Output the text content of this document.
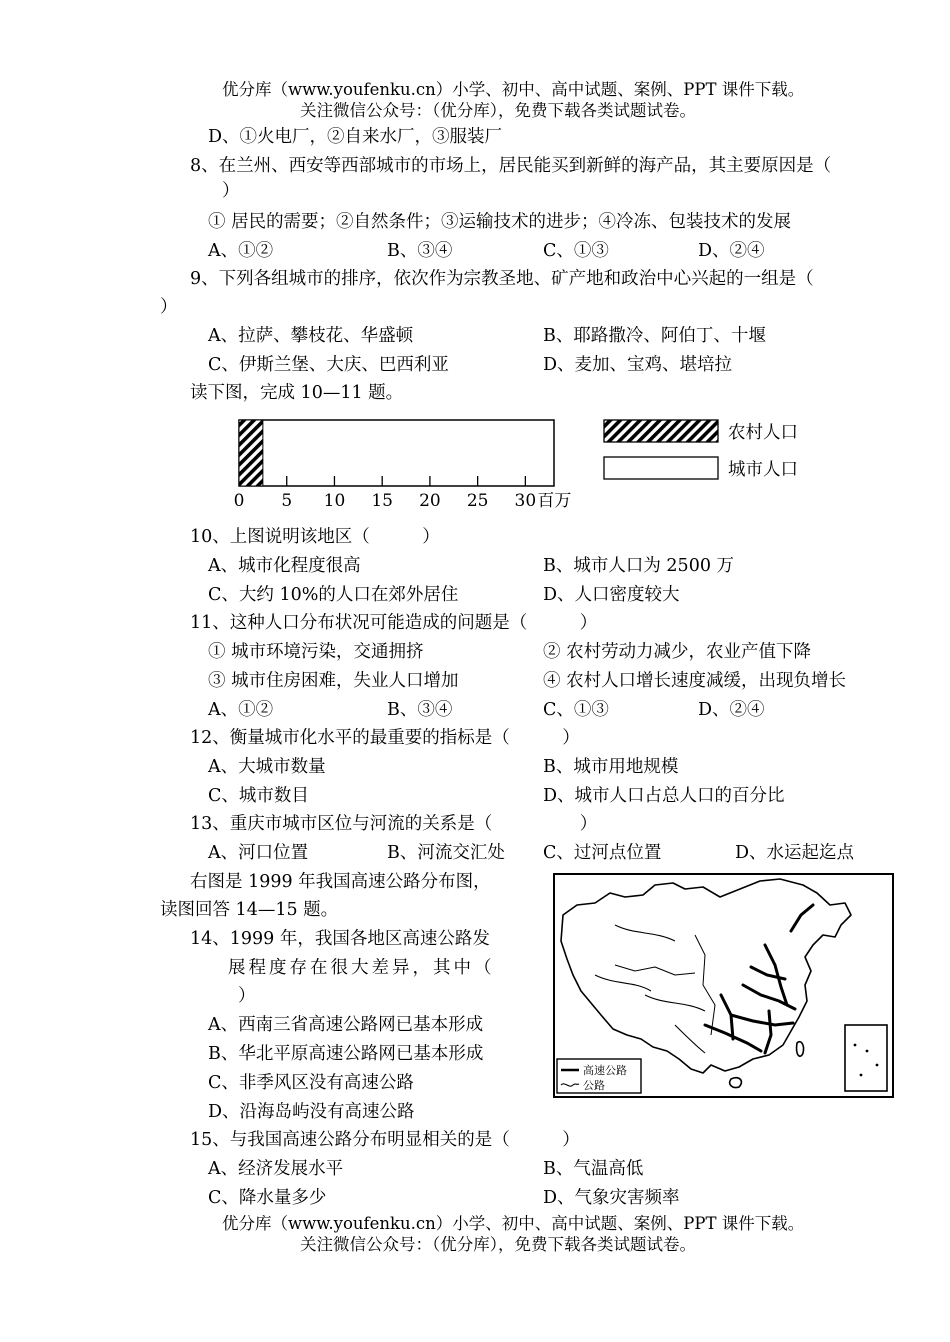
优分库（www.youfenku.cn）小学、初中、高中试题、案例、PPT 课件下载。
关注微信公众号：（优分库），免费下载各类试题试卷。
D、①火电厂，②自来水厂，③服装厂
8、在兰州、西安等西部城市的市场上，居民能买到新鲜的海产品，其主要原因是（
）
① 居民的需要；②自然条件；③运输技术的进步；④冷冻、包装技术的发展
A、①②	B、③④	C、①③	D、②④
9、下列各组城市的排序，依次作为宗教圣地、矿产地和政治中心兴起的一组是（
）
A、拉萨、攀枝花、华盛顿	B、耶路撒冷、阿伯丁、十堰
C、伊斯兰堡、大庆、巴西利亚	D、麦加、宝鸡、堪培拉
读下图，完成 10—11 题。
0 5 10 15 20 25 30 百万
农村人口
城市人口
10、上图说明该地区（　　　）
A、城市化程度很高	B、城市人口为 2500 万
C、大约 10%的人口在郊外居住	D、人口密度较大
11、这种人口分布状况可能造成的问题是（　　　）
① 城市环境污染，交通拥挤	② 农村劳动力减少，农业产值下降
③ 城市住房困难，失业人口增加	④ 农村人口增长速度减缓，出现负增长
A、①②	B、③④	C、①③	D、②④
12、衡量城市化水平的最重要的指标是（　　　）
A、大城市数量	B、城市用地规模
C、城市数目	D、城市人口占总人口的百分比
13、重庆市城市区位与河流的关系是（　　　　　）
A、河口位置	B、河流交汇处 C、过河点位置	D、水运起迄点
右图是 1999 年我国高速公路分布图，
读图回答 14—15 题。
14、1999 年，我国各地区高速公路发
展程度存在很大差异，其中（
）
A、西南三省高速公路网已基本形成
B、华北平原高速公路网已基本形成
C、非季风区没有高速公路
D、沿海岛屿没有高速公路
高速公路
公路
15、与我国高速公路分布明显相关的是（　　　）
A、经济发展水平	B、气温高低
C、降水量多少	D、气象灾害频率
优分库（www.youfenku.cn）小学、初中、高中试题、案例、PPT 课件下载。
关注微信公众号：（优分库），免费下载各类试题试卷。
